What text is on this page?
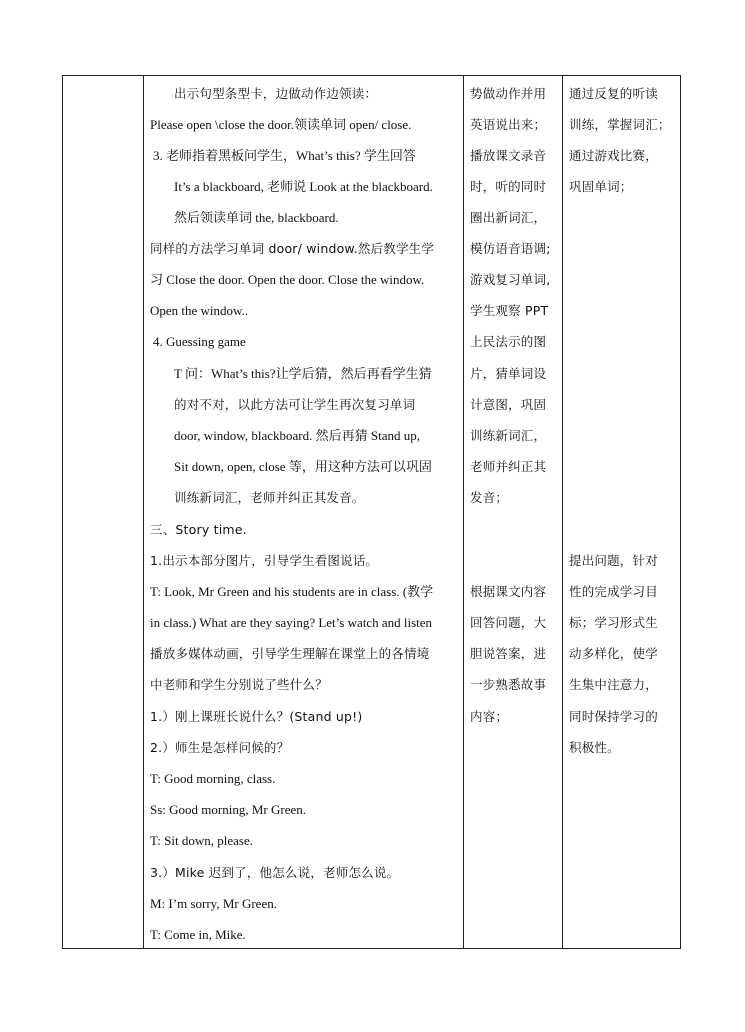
出示句型条型卡，边做动作边领读：
Please open \close the door.领读单词 open/ close.
3. 老师指着黑板问学生，What’s this? 学生回答
It’s a blackboard, 老师说 Look at the blackboard.
然后领读单词 the, blackboard.
同样的方法学习单词 door/ window.然后教学生学
习 Close the door. Open the door. Close the window.
Open the window..
4. Guessing game
T 问：What’s this?让学后猜，然后再看学生猜
的对不对，以此方法可让学生再次复习单词
door, window, blackboard. 然后再猜 Stand up,
Sit down, open, close 等，用这种方法可以巩固
训练新词汇，老师并纠正其发音。
三、Story time.
1.出示本部分图片，引导学生看图说话。
T: Look, Mr Green and his students are in class. (教学
in class.) What are they saying? Let’s watch and listen
播放多媒体动画，引导学生理解在课堂上的各情境
中老师和学生分别说了些什么？
1.）刚上课班长说什么？(Stand up!)
2.）师生是怎样问候的？
T: Good morning, class.
Ss: Good morning, Mr Green.
T: Sit down, please.
3.）Mike 迟到了，他怎么说，老师怎么说。
M: I’m sorry, Mr Green.
T: Come in, Mike.
势做动作并用
英语说出来；
播放课文录音
时，听的同时
圈出新词汇，
模仿语音语调;
游戏复习单词,
学生观察 PPT
上民法示的图
片，猜单词设
计意图，巩固
训练新词汇，
老师并纠正其
发音；
根据课文内容
回答问题，大
胆说答案，进
一步熟悉故事
内容；
通过反复的听读
训练，掌握词汇；
通过游戏比赛，
巩固单词；
提出问题，针对
性的完成学习目
标；学习形式生
动多样化，使学
生集中注意力，
同时保持学习的
积极性。
